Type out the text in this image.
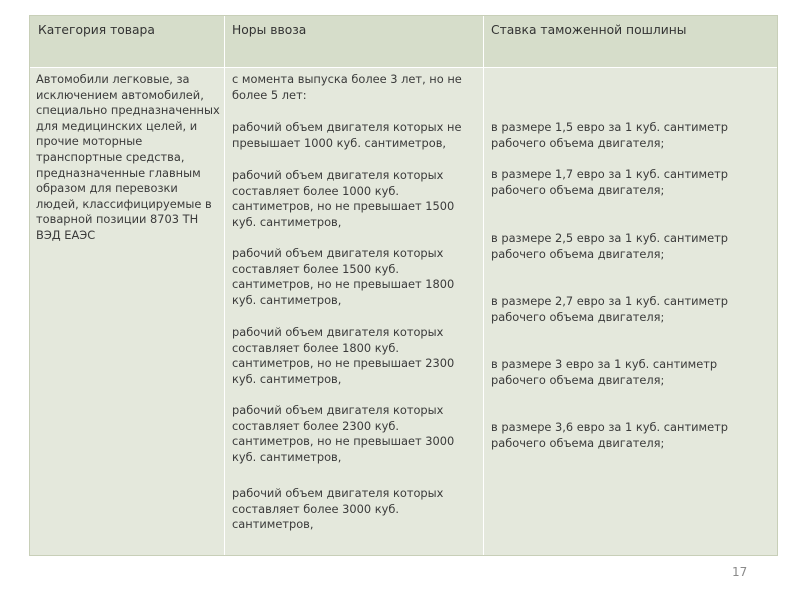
Категория товара	Норы ввоза	Ставка таможенной пошлины
Автомобили легковые, за исключением автомобилей, специально предназначенных для медицинских целей, и
прочие моторные транспортные средства, предназначенные главным образом для перевозки людей, классифицируемые в товарной позиции 8703 ТН ВЭД ЕАЭС
с момента выпуска более 3 лет, но не
более 5 лет:
рабочий объем двигателя которых не
превышает 1000 куб. сантиметров,
рабочий объем двигателя которых
составляет более 1000 куб.
сантиметров, но не превышает 1500
куб. сантиметров,
рабочий объем двигателя которых
составляет более 1500 куб.
сантиметров, но не превышает 1800
куб. сантиметров,
рабочий объем двигателя которых
составляет более 1800 куб.
сантиметров, но не превышает 2300
куб. сантиметров,
рабочий объем двигателя которых
составляет более 2300 куб.
сантиметров, но не превышает 3000
куб. сантиметров,
рабочий объем двигателя которых
составляет более 3000 куб.
сантиметров,
в размере 1,5 евро за 1 куб. сантиметр
рабочего объема двигателя;
в размере 1,7 евро за 1 куб. сантиметр
рабочего объема двигателя;
в размере 2,5 евро за 1 куб. сантиметр
рабочего объема двигателя;
в размере 2,7 евро за 1 куб. сантиметр
рабочего объема двигателя;
в размере 3 евро за 1 куб. сантиметр
рабочего объема двигателя;
в размере 3,6 евро за 1 куб. сантиметр
рабочего объема двигателя;
17
